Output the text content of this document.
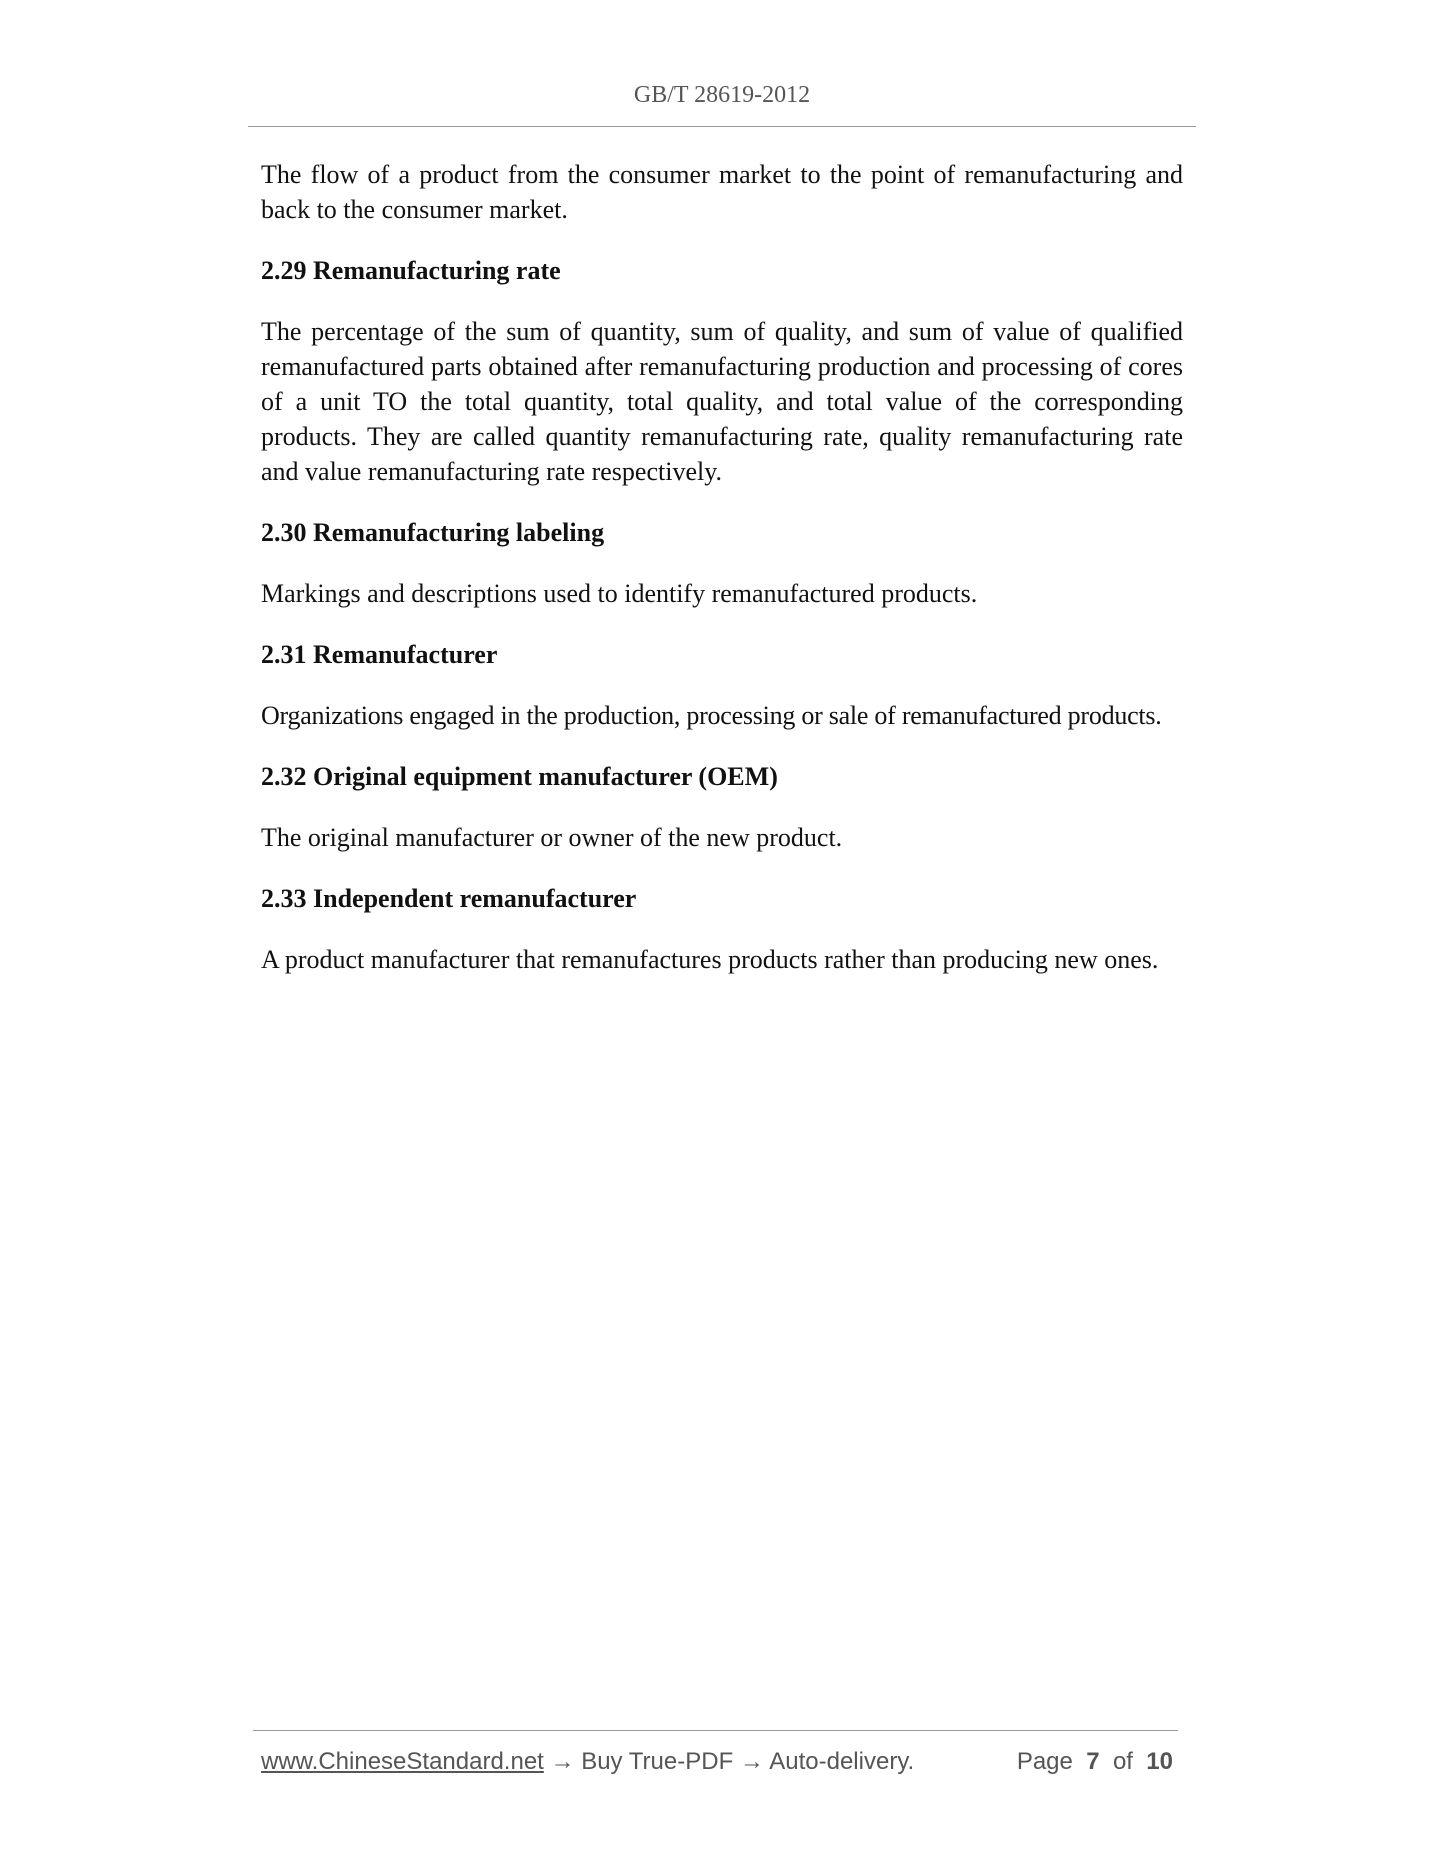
GB/T 28619-2012

The flow of a product from the consumer market to the point of remanufacturing and back to the consumer market.

2.29 Remanufacturing rate

The percentage of the sum of quantity, sum of quality, and sum of value of qualified remanufactured parts obtained after remanufacturing production and processing of cores of a unit TO the total quantity, total quality, and total value of the corresponding products. They are called quantity remanufacturing rate, quality remanufacturing rate and value remanufacturing rate respectively.

2.30 Remanufacturing labeling

Markings and descriptions used to identify remanufactured products.

2.31 Remanufacturer

Organizations engaged in the production, processing or sale of remanufactured products.

2.32 Original equipment manufacturer (OEM)

The original manufacturer or owner of the new product.

2.33 Independent remanufacturer

A product manufacturer that remanufactures products rather than producing new ones.

www.ChineseStandard.net → Buy True-PDF → Auto-delivery.	Page 7 of 10
